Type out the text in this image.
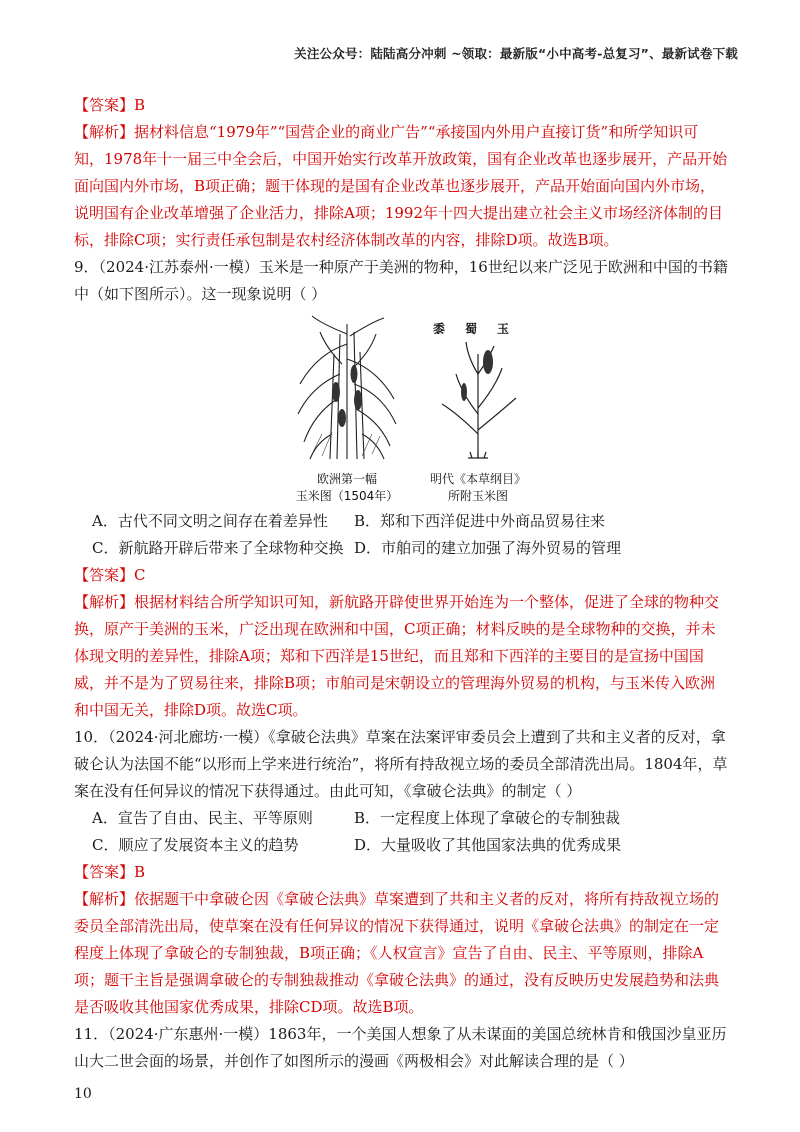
关注公众号：陆陆高分冲刺 ~领取：最新版“小中高考-总复习”、最新试卷下载

【答案】B

【解析】据材料信息“1979年”“国营企业的商业广告”“承接国内外用户直接订货”和所学知识可知，1978年十一届三中全会后，中国开始实行改革开放政策，国有企业改革也逐步展开，产品开始面向国内外市场，B项正确；题干体现的是国有企业改革也逐步展开，产品开始面向国内外市场，说明国有企业改革增强了企业活力，排除A项；1992年十四大提出建立社会主义市场经济体制的目标，排除C项；实行责任承包制是农村经济体制改革的内容，排除D项。故选B项。

9．（2024·江苏泰州·一模）玉米是一种原产于美洲的物种，16世纪以来广泛见于欧洲和中国的书籍中（如下图所示）。这一现象说明（ ）

欧洲第一幅
玉米图（1504年）
黍蜀玉
明代《本草纲目》
所附玉米图
A．古代不同文明之间存在着差异性	B．郑和下西洋促进中外商品贸易往来
C．新航路开辟后带来了全球物种交换 D．市舶司的建立加强了海外贸易的管理

【答案】C

【解析】根据材料结合所学知识可知，新航路开辟使世界开始连为一个整体，促进了全球的物种交换，原产于美洲的玉米，广泛出现在欧洲和中国，C项正确；材料反映的是全球物种的交换，并未体现文明的差异性，排除A项；郑和下西洋是15世纪，而且郑和下西洋的主要目的是宣扬中国国威，并不是为了贸易往来，排除B项；市舶司是宋朝设立的管理海外贸易的机构，与玉米传入欧洲和中国无关，排除D项。故选C项。

10．（2024·河北廊坊·一模）《拿破仑法典》草案在法案评审委员会上遭到了共和主义者的反对，拿破仑认为法国不能“以形而上学来进行统治”，将所有持敌视立场的委员全部清洗出局。1804年，草案在没有任何异议的情况下获得通过。由此可知，《拿破仑法典》的制定（ ）

A．宣告了自由、民主、平等原则	B．一定程度上体现了拿破仑的专制独裁
C．顺应了发展资本主义的趋势	D．大量吸收了其他国家法典的优秀成果

【答案】B

【解析】依据题干中拿破仑因《拿破仑法典》草案遭到了共和主义者的反对，将所有持敌视立场的委员全部清洗出局，使草案在没有任何异议的情况下获得通过，说明《拿破仑法典》的制定在一定程度上体现了拿破仑的专制独裁，B项正确；《人权宣言》宣告了自由、民主、平等原则，排除A项；题干主旨是强调拿破仑的专制独裁推动《拿破仑法典》的通过，没有反映历史发展趋势和法典是否吸收其他国家优秀成果，排除CD项。故选B项。

11．（2024·广东惠州·一模）1863年，一个美国人想象了从未谋面的美国总统林肯和俄国沙皇亚历山大二世会面的场景，并创作了如图所示的漫画《两极相会》对此解读合理的是（ ）

10
